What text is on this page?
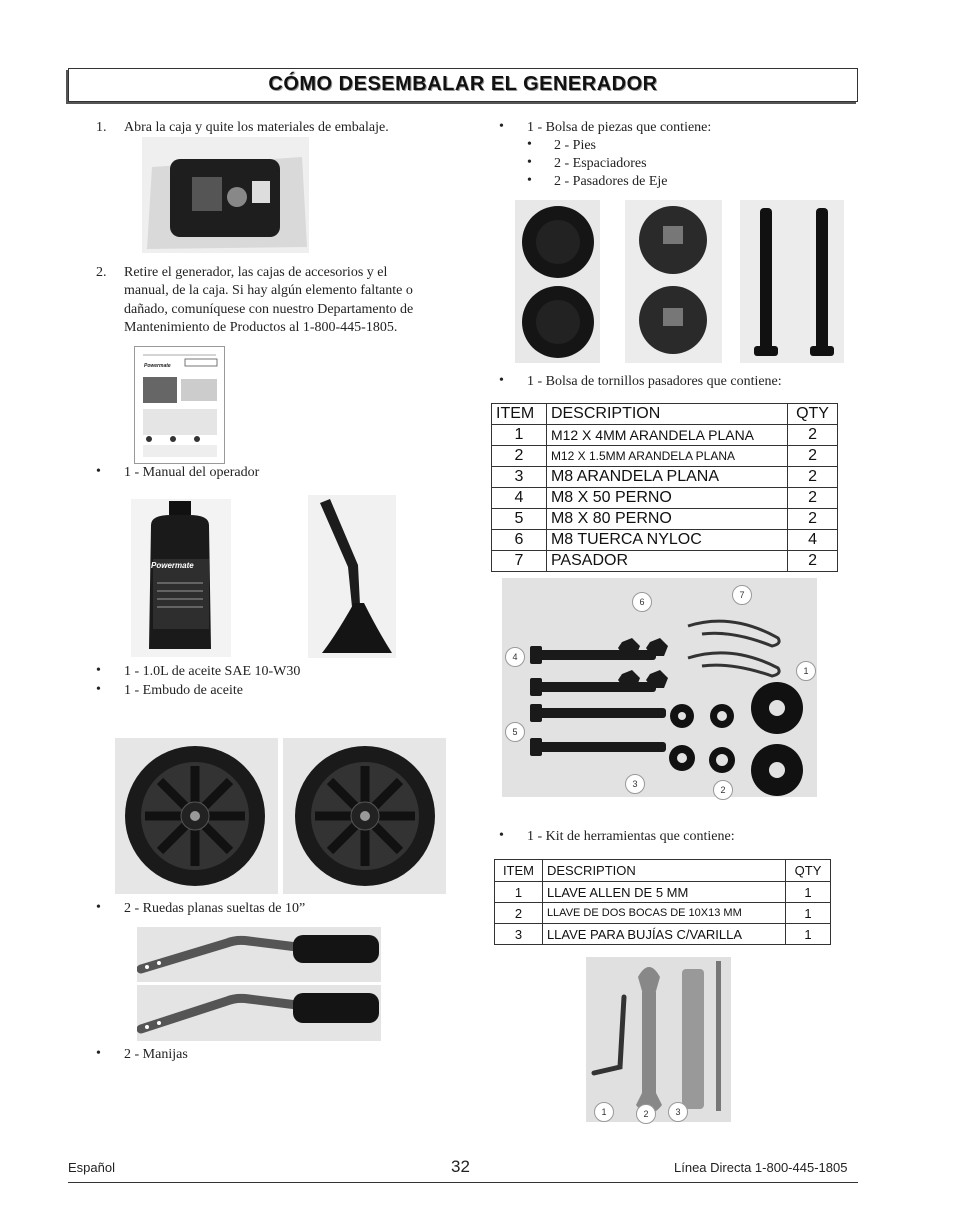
CÓMO DESEMBALAR EL GENERADOR
1. Abra la caja y quite los materiales de embalaje.
2. Retire el generador, las cajas de accesorios y el
manual, de la caja. Si hay algún elemento faltante o
dañado, comuníquese con nuestro Departamento de
Mantenimiento de Productos al 1-800-445-1805.
Powermate
• 1 - Manual del operador
Powermate
• 1 - 1.0L de aceite SAE 10-W30
• 1 - Embudo de aceite
• 2 - Ruedas planas sueltas de 10”
• 2 - Manijas
• 1 - Bolsa de piezas que contiene:
• 2 - Pies
• 2 - Espaciadores
• 2 - Pasadores de Eje
• 1 - Bolsa de tornillos pasadores que contiene:
ITEM	DESCRIPTION	QTY
1	M12 X 4MM ARANDELA PLANA	2
2	M12 X 1.5MM ARANDELA PLANA	2
3	M8 ARANDELA PLANA	2
4	M8 X 50 PERNO	2
5	M8 X 80 PERNO	2
6	M8 TUERCA NYLOC	4
7	PASADOR	2
6
7
4
1
5
3
2
• 1 - Kit de herramientas que contiene:
ITEM	DESCRIPTION	QTY
1	LLAVE ALLEN DE 5 MM	1
2	LLAVE DE DOS BOCAS DE 10X13 MM	1
3	LLAVE PARA BUJÍAS C/VARILLA	1
1	2	3
Español	32	Línea Directa 1-800-445-1805
